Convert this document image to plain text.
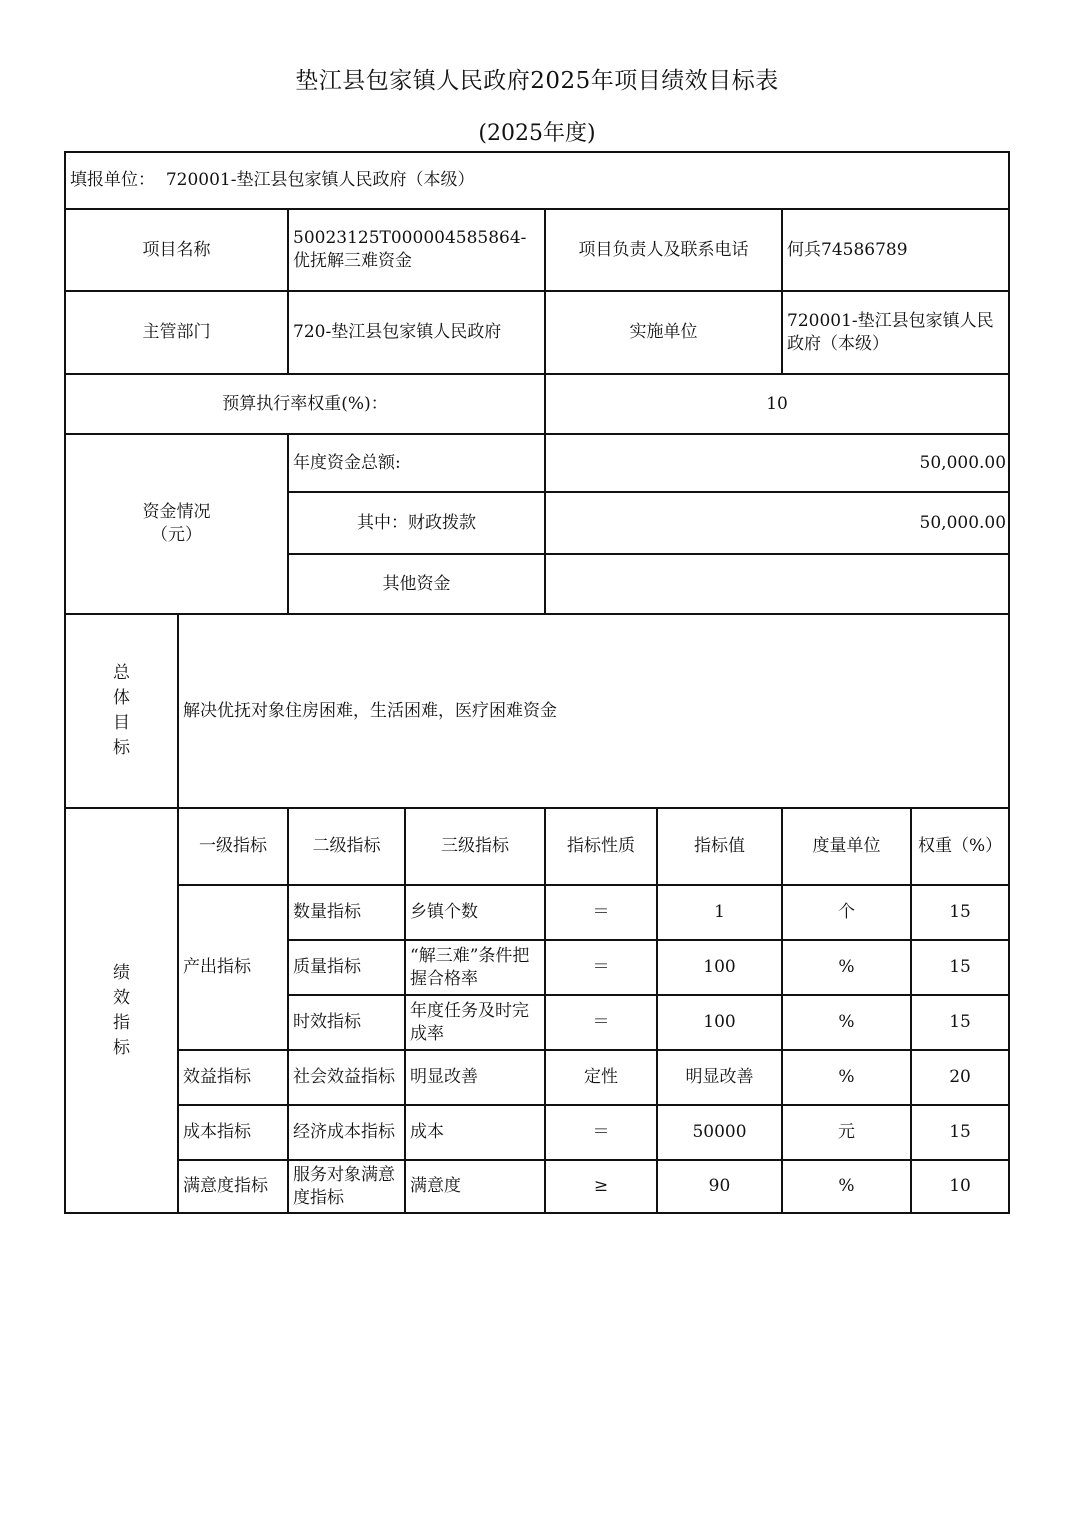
垫江县包家镇人民政府2025年项目绩效目标表
(2025年度)
填报单位： 720001-垫江县包家镇人民政府（本级）							
项目名称		50023125T000004585864-优抚解三难资金		项目负责人及联系电话		何兵74586789	
主管部门		720-垫江县包家镇人民政府		实施单位		720001-垫江县包家镇人民政府（本级）	
预算执行率权重(%)：				10			

资金情况
（元）		年度资金总额:		50,000.00			
		其中：财政拨款		50,000.00			
		其他资金					

总
体
目
标	解决优抚对象住房困难，生活困难，医疗困难资金						

绩
效
指
标	一级指标	二级指标	三级指标	指标性质	指标值	度量单位	权重（%）
	产出指标	数量指标	乡镇个数	＝	1	个	15
		质量指标	“解三难”条件把握合格率	＝	100	%	15
		时效指标	年度任务及时完成率	＝	100	%	15
	效益指标	社会效益指标	明显改善	定性	明显改善	%	20
	成本指标	经济成本指标	成本	＝	50000	元	15
	满意度指标	服务对象满意度指标	满意度	≥	90	%	10
